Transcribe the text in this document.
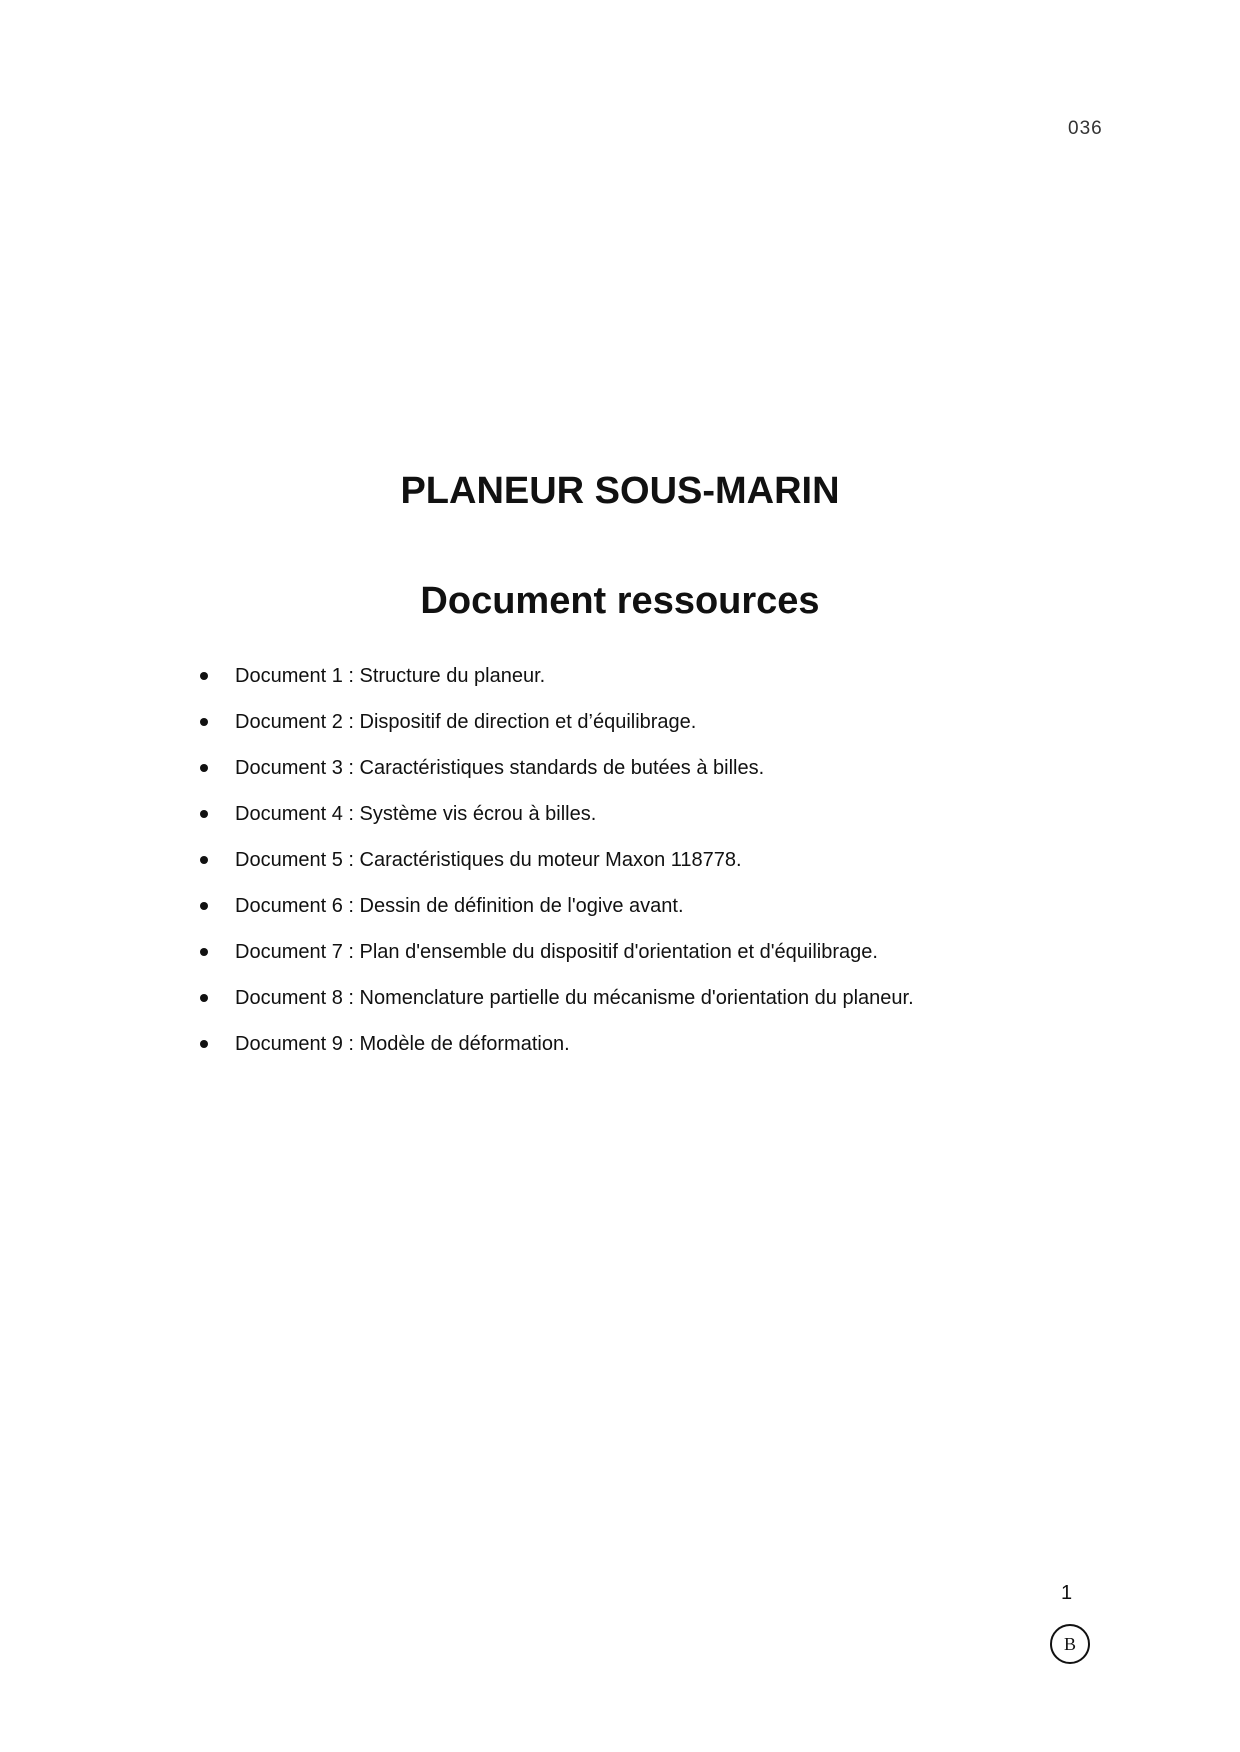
036
PLANEUR SOUS-MARIN
Document ressources
Document 1 : Structure du planeur.
Document 2 : Dispositif de direction et d’équilibrage.
Document 3 : Caractéristiques standards de butées à billes.
Document 4 : Système vis écrou à billes.
Document 5 : Caractéristiques du moteur Maxon 118778.
Document 6 : Dessin de définition de l'ogive avant.
Document 7 : Plan d'ensemble du dispositif d'orientation et d'équilibrage.
Document 8 : Nomenclature partielle du mécanisme d'orientation du planeur.
Document 9 : Modèle de déformation.
1
B
